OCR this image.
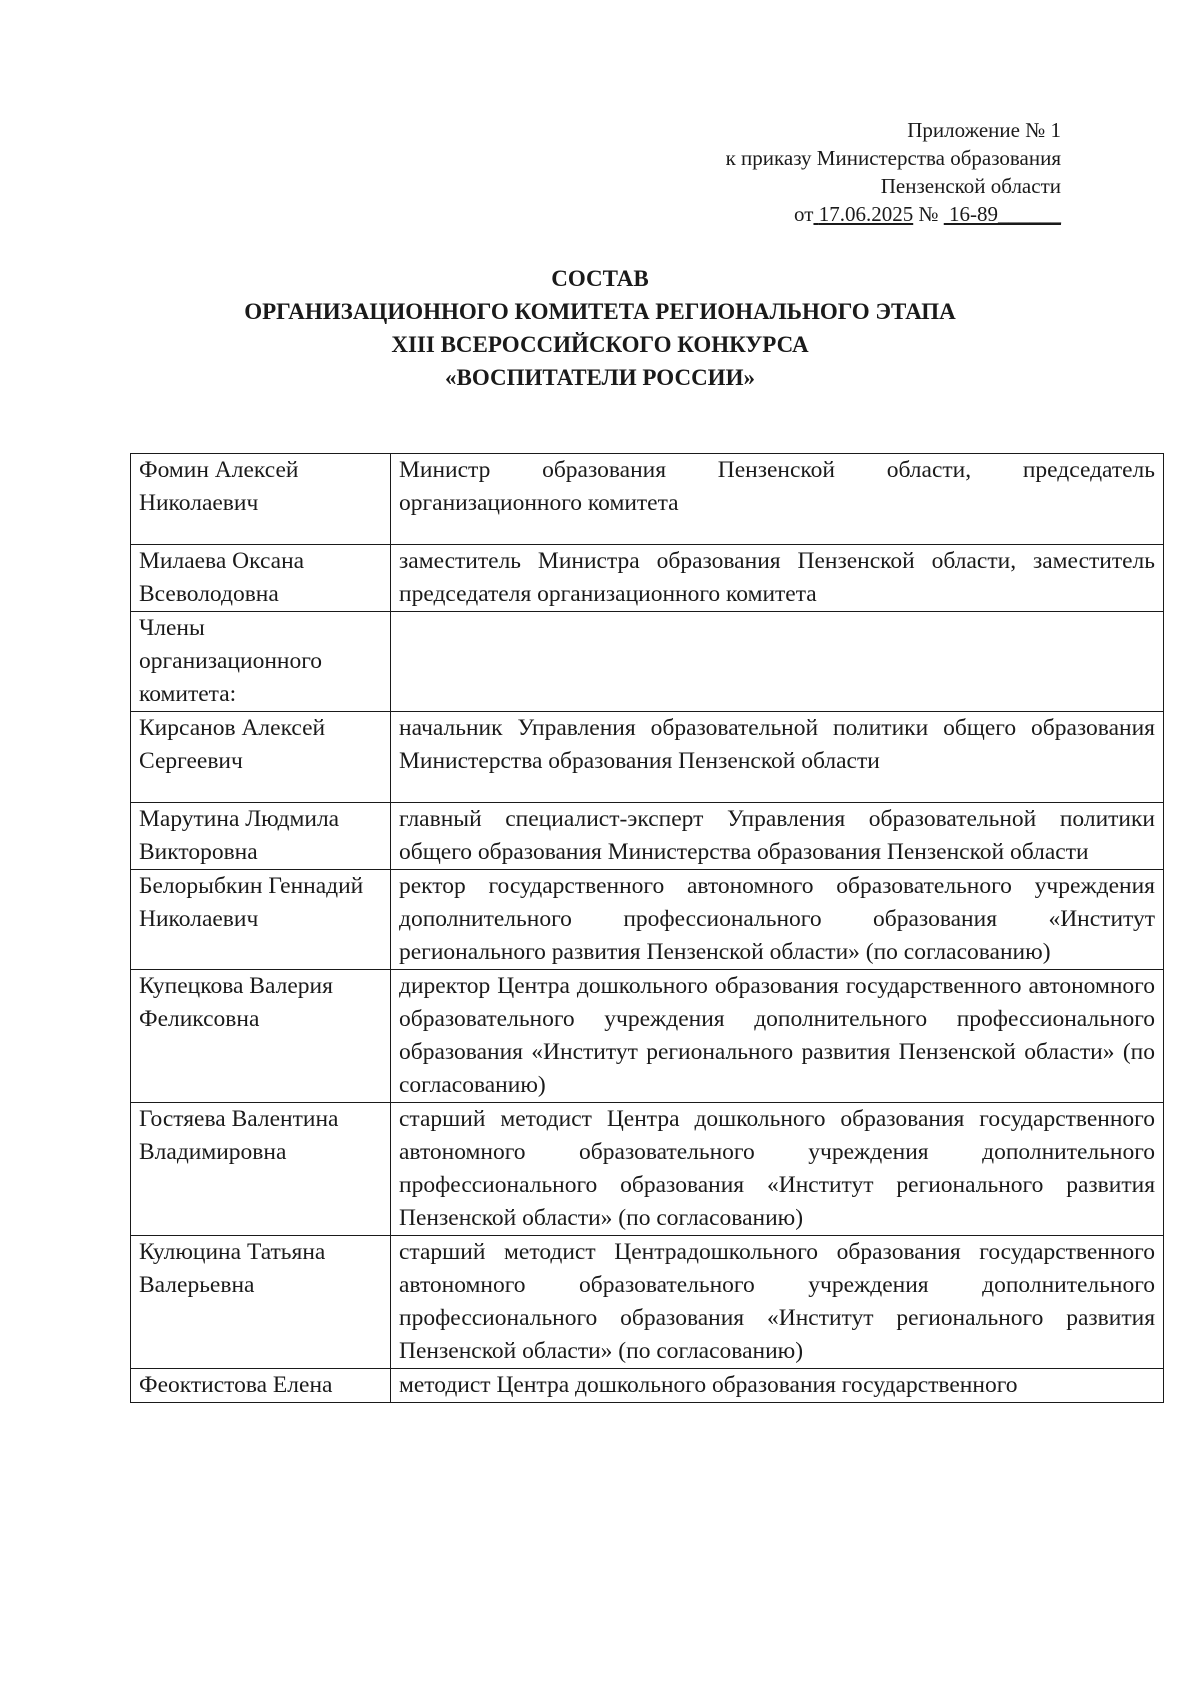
Приложение № 1
к приказу Министерства образования
Пензенской области
от 17.06.2025 № 16-89______
СОСТАВ
ОРГАНИЗАЦИОННОГО КОМИТЕТА РЕГИОНАЛЬНОГО ЭТАПА
XIII ВСЕРОССИЙСКОГО КОНКУРСА
«ВОСПИТАТЕЛИ РОССИИ»
Фомин Алексей Николаевич	Министр образования Пензенской области, председатель организационного комитета
Милаева Оксана Всеволодовна	заместитель Министра образования Пензенской области, заместитель председателя организационного комитета
Члены организационного комитета:	
Кирсанов Алексей Сергеевич	начальник Управления образовательной политики общего образования Министерства образования Пензенской области
Марутина Людмила Викторовна	главный специалист-эксперт Управления образовательной политики общего образования Министерства образования Пензенской области
Белорыбкин Геннадий Николаевич	ректор государственного автономного образовательного учреждения дополнительного профессионального образования «Институт регионального развития Пензенской области» (по согласованию)
Купецкова Валерия Феликсовна	директор Центра дошкольного образования государственного автономного образовательного учреждения дополнительного профессионального образования «Институт регионального развития Пензенской области» (по согласованию)
Гостяева Валентина Владимировна	старший методист Центра дошкольного образования государственного автономного образовательного учреждения дополнительного профессионального образования «Институт регионального развития Пензенской области» (по согласованию)
Кулюцина Татьяна Валерьевна	старший методист Центрадошкольного образования государственного автономного образовательного учреждения дополнительного профессионального образования «Институт регионального развития Пензенской области» (по согласованию)
Феоктистова Елена	методист Центра дошкольного образования государственного
